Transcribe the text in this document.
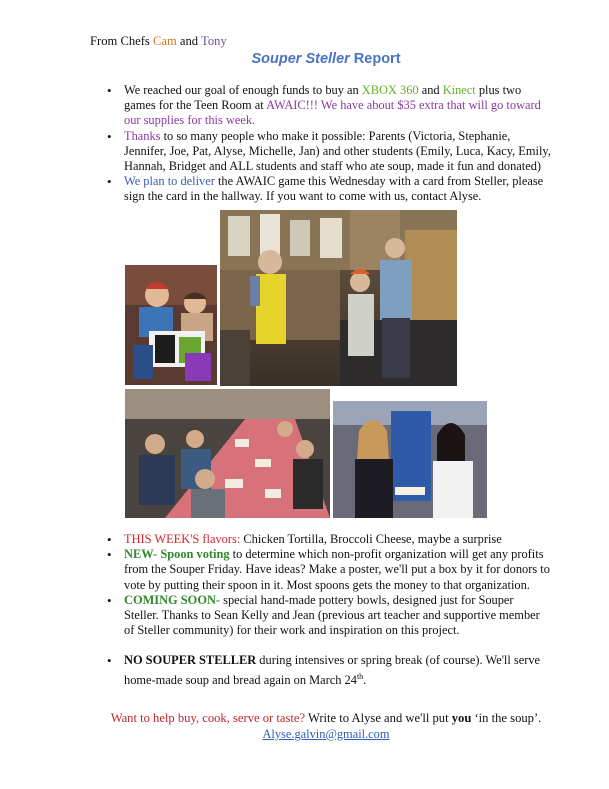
From Chefs Cam and Tony
Souper Steller Report
• We reached our goal of enough funds to buy an XBOX 360 and Kinect plus two games for the Teen Room at AWAIC!!! We have about $35 extra that will go toward our supplies for this week.
• Thanks to so many people who make it possible: Parents (Victoria, Stephanie, Jennifer, Joe, Pat, Alyse, Michelle, Jan) and other students (Emily, Luca, Kacy, Emily, Hannah, Bridget and ALL students and staff who ate soup, made it fun and donated)
• We plan to deliver the AWAIC game this Wednesday with a card from Steller, please sign the card in the hallway. If you want to come with us, contact Alyse.
• THIS WEEK'S flavors: Chicken Tortilla, Broccoli Cheese, maybe a surprise
• NEW- Spoon voting to determine which non-profit organization will get any profits from the Souper Friday. Have ideas? Make a poster, we'll put a box by it for donors to vote by putting their spoon in it. Most spoons gets the money to that organization.
• COMING SOON- special hand-made pottery bowls, designed just for Souper Steller. Thanks to Sean Kelly and Jean (previous art teacher and supportive member of Steller community) for their work and inspiration on this project.
• NO SOUPER STELLER during intensives or spring break (of course). We'll serve home-made soup and bread again on March 24th.
Want to help buy, cook, serve or taste? Write to Alyse and we'll put you ‘in the soup’.
Alyse.galvin@gmail.com
